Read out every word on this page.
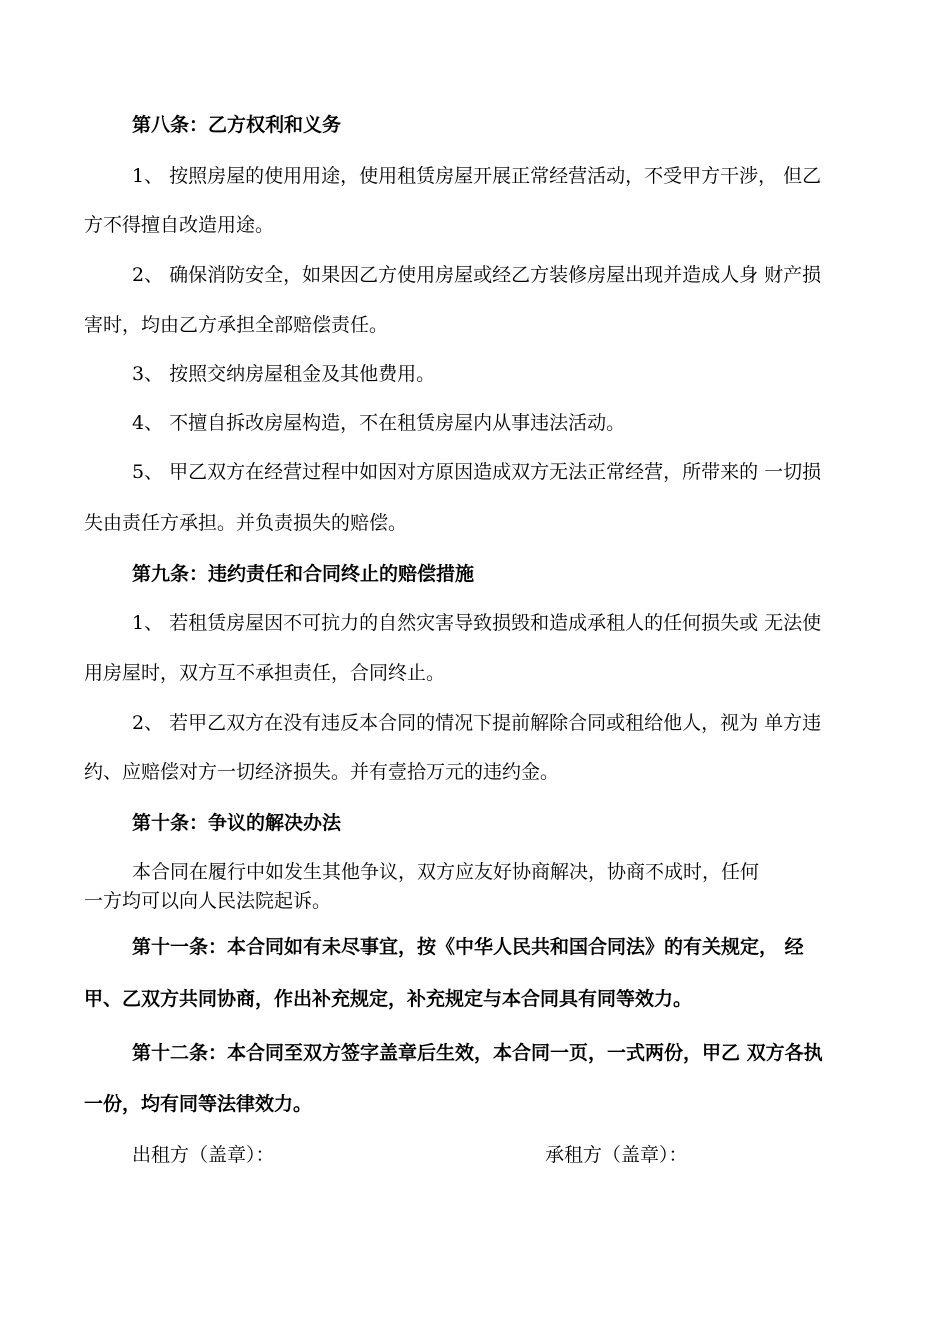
第八条：乙方权利和义务
1、 按照房屋的使用用途，使用租赁房屋开展正常经营活动，不受甲方干涉， 但乙
方不得擅自改造用途。
2、 确保消防安全，如果因乙方使用房屋或经乙方装修房屋出现并造成人身 财产损
害时，均由乙方承担全部赔偿责任。
3、 按照交纳房屋租金及其他费用。
4、 不擅自拆改房屋构造，不在租赁房屋内从事违法活动。
5、 甲乙双方在经营过程中如因对方原因造成双方无法正常经营，所带来的 一切损
失由责任方承担。并负责损失的赔偿。
第九条：违约责任和合同终止的赔偿措施
1、 若租赁房屋因不可抗力的自然灾害导致损毁和造成承租人的任何损失或 无法使
用房屋时，双方互不承担责任，合同终止。
2、 若甲乙双方在没有违反本合同的情况下提前解除合同或租给他人，视为 单方违
约、应赔偿对方一切经济损失。并有壹拾万元的违约金。
第十条：争议的解决办法
本合同在履行中如发生其他争议，双方应友好协商解决，协商不成时，任何
一方均可以向人民法院起诉。
第十一条：本合同如有未尽事宜，按《中华人民共和国合同法》的有关规定， 经
甲、乙双方共同协商，作出补充规定，补充规定与本合同具有同等效力。
第十二条：本合同至双方签字盖章后生效，本合同一页，一式两份，甲乙 双方各执
一份，均有同等法律效力。
出租方（盖章）：	承租方（盖章）：
